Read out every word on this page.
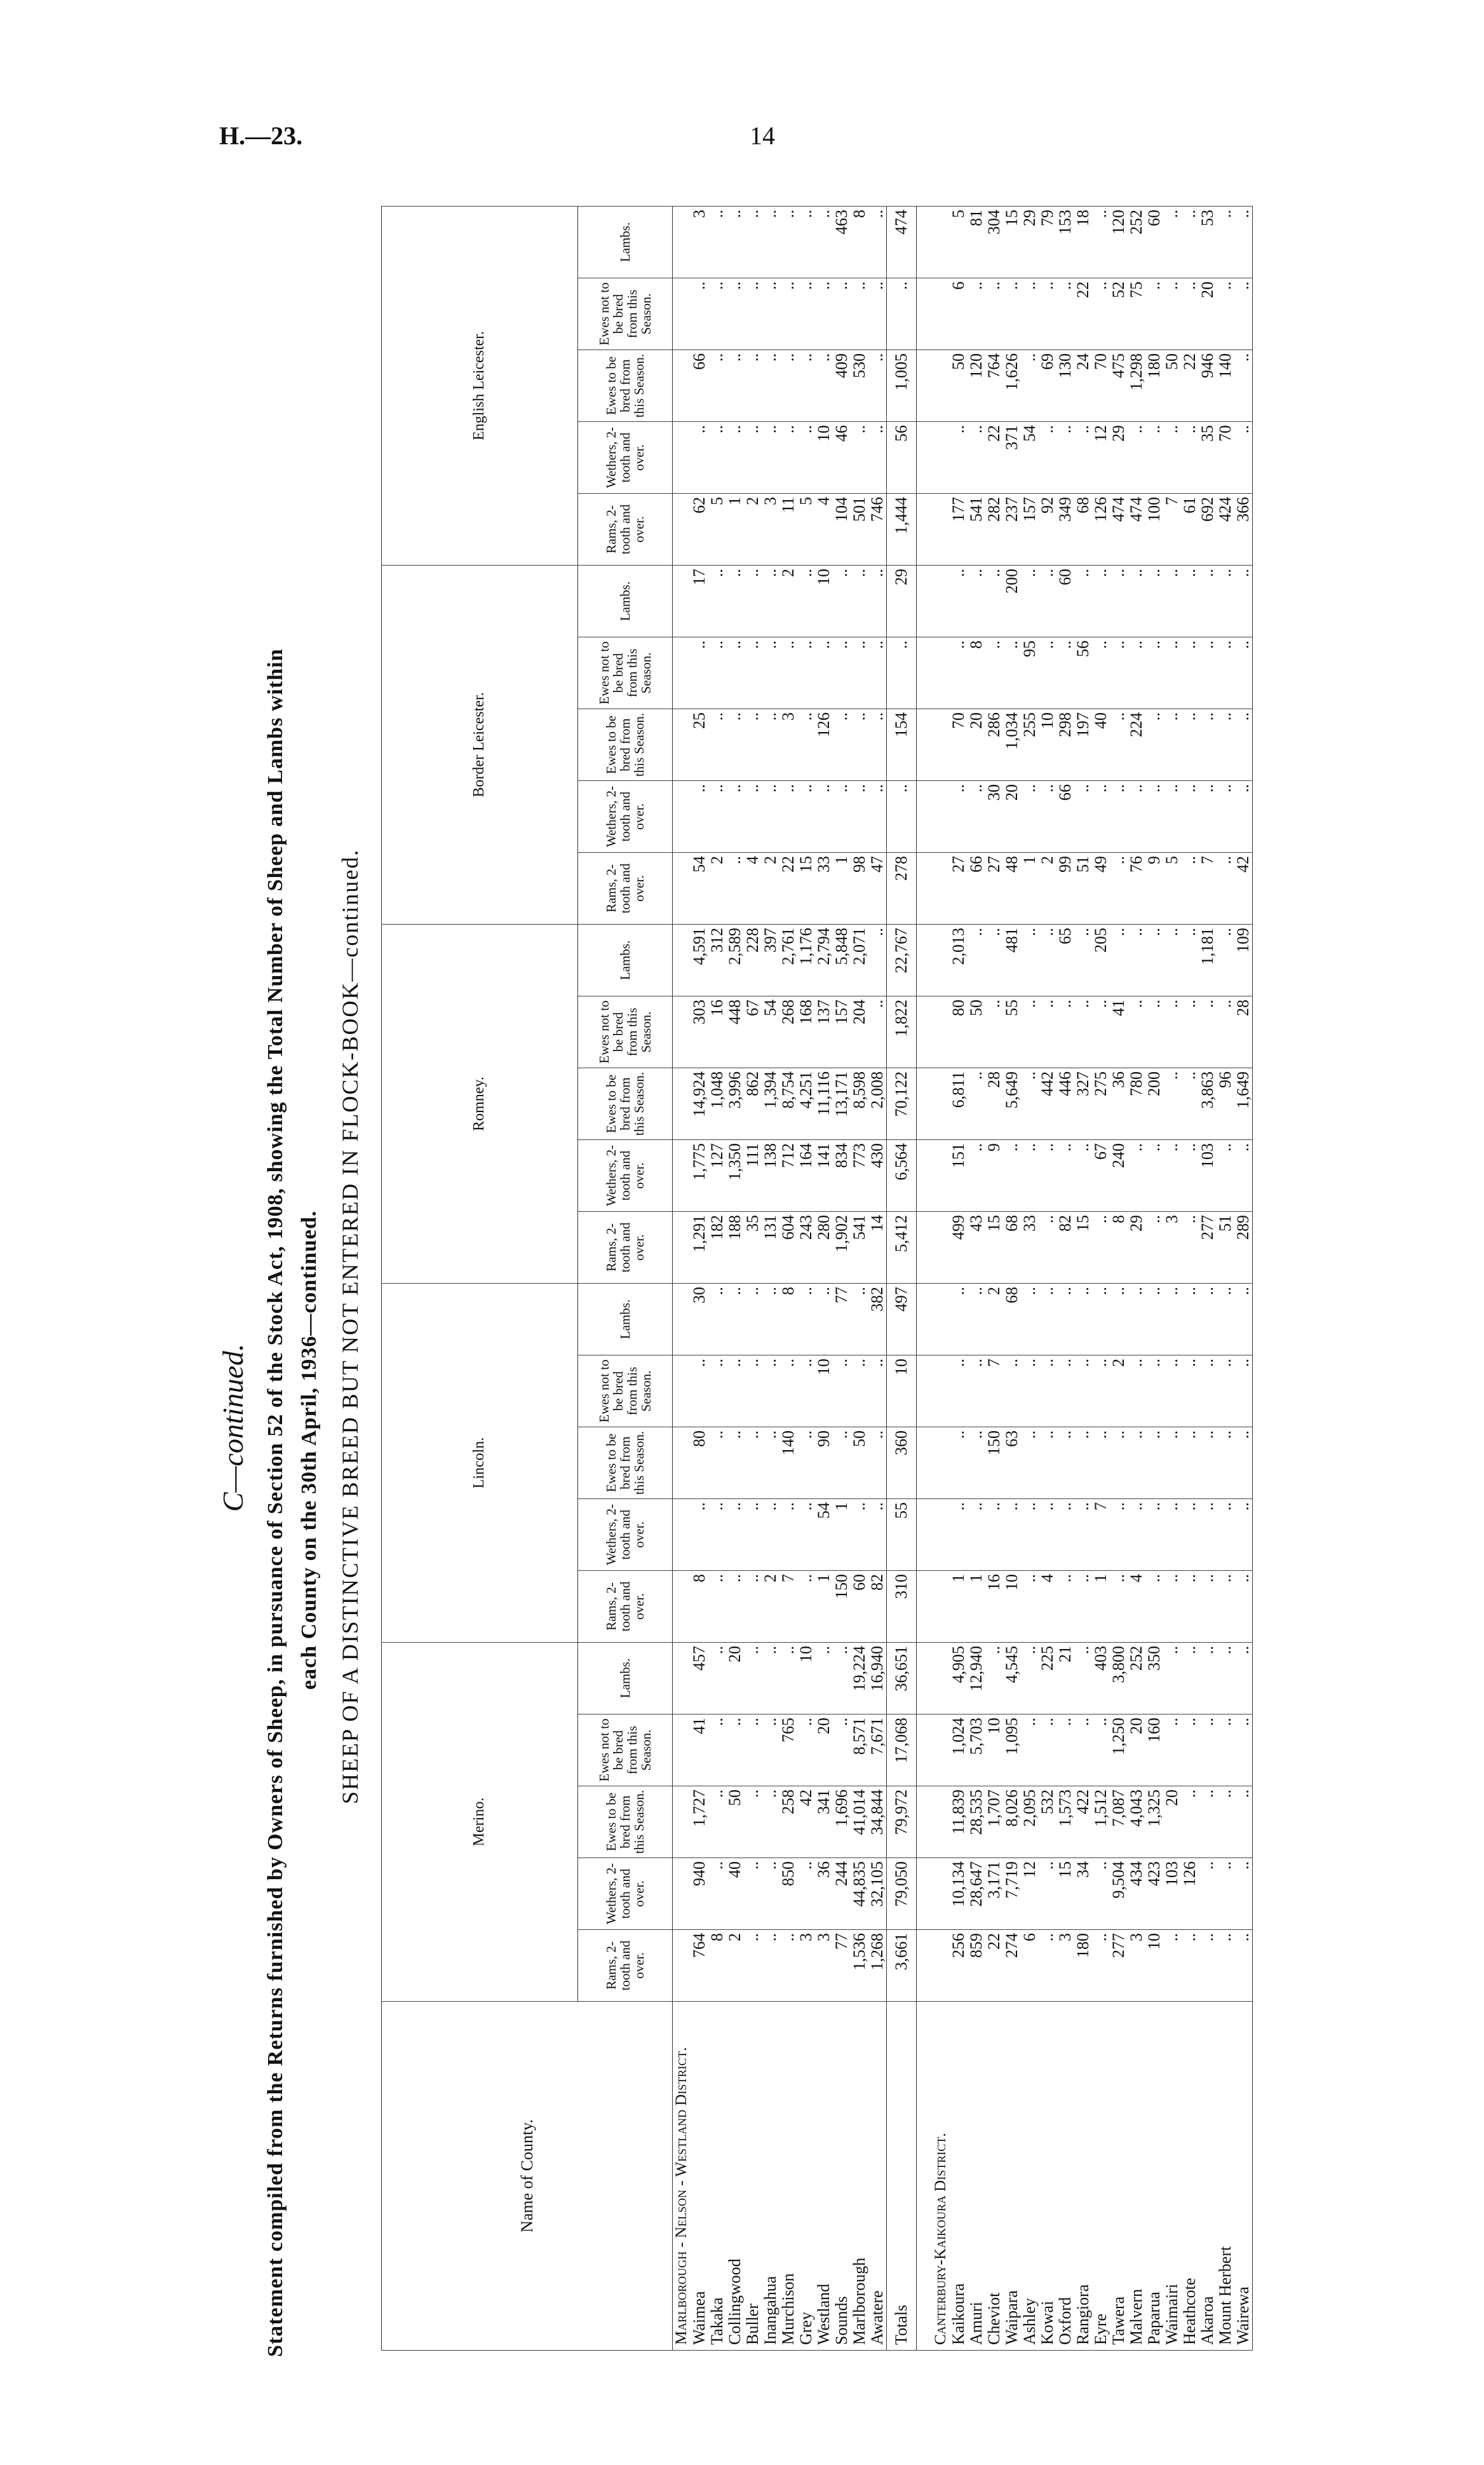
H.—23.	14
C—continued. Statement compiled from the Returns furnished by Owners of Sheep, in pursuance of Section 52 of the Stock Act, 1908, showing the Total Number of Sheep and Lambs within each County on the 30th April, 1936—continued. SHEEP OF A DISTINCTIVE BREED BUT NOT ENTERED IN FLOCK-BOOK—continued.
Name of County.	Merino.					Lincoln.					Romney.					Border Leicester.					English Leicester.				
	Rams, 2-tooth and over.	Wethers, 2-tooth and over.	Ewes to be bred from this Season.	Ewes not to be bred from this Season.	Lambs.	Rams, 2-tooth and over.	Wethers, 2-tooth and over.	Ewes to be bred from this Season.	Ewes not to be bred from this Season.	Lambs.	Rams, 2-tooth and over.	Wethers, 2-tooth and over.	Ewes to be bred from this Season.	Ewes not to be bred from this Season.	Lambs.	Rams, 2-tooth and over.	Wethers, 2-tooth and over.	Ewes to be bred from this Season.	Ewes not to be bred from this Season.	Lambs.	Rams, 2-tooth and over.	Wethers, 2-tooth and over.	Ewes to be bred from this Season.	Ewes not to be bred from this Season.	Lambs.
Marlborough - Nelson - Westland District.																									
Waimea	764	940	1,727	41	457	8	..	80	..	30	1,291	1,775	14,924	303	4,591	54	..	25	..	17	62	..	66	..	3
Takaka	8	..	..	..	..	..	..	..	..	..	182	127	1,048	16	312	2	..	..	..	..	5	..	..	..	..
Collingwood	2	40	50	..	20	..	..	..	..	..	188	1,350	3,996	448	2,589	..	..	..	..	..	1	..	..	..	..
Buller	..	..	..	..	..	..	..	..	..	..	35	111	862	67	228	4	..	..	..	..	2	..	..	..	..
Inangahua	..	..	..	..	..	2	..	..	..	..	131	138	1,394	54	397	2	..	..	..	..	3	..	..	..	..
Murchison	..	850	258	765	..	7	..	140	..	8	604	712	8,754	268	2,761	22	..	3	..	2	11	..	..	..	..
Grey	3	..	42	..	10	..	..	..	..	..	243	164	4,251	168	1,176	15	..	..	..	..	5	..	..	..	..
Westland	3	36	341	20	..	1	54	90	10	..	280	141	11,116	137	2,794	33	..	126	..	10	4	10	..	..	..
Sounds	77	244	1,696	..	..	150	1	..	..	77	1,902	834	13,171	157	5,848	1	..	..	..	..	104	46	409	..	463
Marlborough	1,536	44,835	41,014	8,571	19,224	60	..	50	..	..	541	773	8,598	204	2,071	98	..	..	..	..	501	..	530	..	8
Awatere	1,268	32,105	34,844	7,671	16,940	82	..	..	..	382	14	430	2,008	..	..	47	..	..	..	..	746	..	..	..	..
Totals	3,661	79,050	79,972	17,068	36,651	310	55	360	10	497	5,412	6,564	70,122	1,822	22,767	278	..	154	..	29	1,444	56	1,005	..	474

Canterbury-Kaikoura District.																									
Kaikoura	256	10,134	11,839	1,024	4,905	1	..	..	..	..	499	151	6,811	80	2,013	27	..	70	..	..	177	..	50	6	5
Amuri	859	28,647	28,535	5,703	12,940	1	..	..	..	..	43	..	..	50	..	66	..	20	8	..	541	..	120	..	81
Cheviot	22	3,171	1,707	10	..	16	..	150	7	2	15	9	28	..	..	27	30	286	..	..	282	22	764	..	304
Waipara	274	7,719	8,026	1,095	4,545	10	..	63	..	68	68	..	5,649	55	481	48	20	1,034	..	200	237	371	1,626	..	15
Ashley	6	12	2,095	..	..	..	..	..	..	..	33	..	..	..	..	1	..	255	95	..	157	54	..	..	29
Kowai	..	..	532	..	225	4	..	..	..	..	..	..	442	..	..	2	..	10	..	..	92	..	69	..	79
Oxford	3	15	1,573	..	21	..	..	..	..	..	82	..	446	..	65	99	66	298	..	60	349	..	130	..	153
Rangiora	180	34	422	..	..	..	..	..	..	..	15	..	327	..	..	51	..	197	56	..	68	..	24	22	18
Eyre	..	..	1,512	..	403	1	7	..	..	..	..	67	275	..	205	49	..	40	..	..	126	12	70	..	..
Tawera	277	9,504	7,087	1,250	3,800	..	..	..	2	..	8	240	36	41	..	..	..	..	..	..	474	29	475	52	120
Malvern	3	434	4,043	20	252	4	..	..	..	..	29	..	780	..	..	76	..	224	..	..	474	..	1,298	75	252
Paparua	10	423	1,325	160	350	..	..	..	..	..	..	..	200	..	..	9	..	..	..	..	100	..	180	..	60
Waimairi	..	103	20	..	..	..	..	..	..	..	3	..	..	..	..	5	..	..	..	..	7	..	50	..	..
Heathcote	..	126	..	..	..	..	..	..	..	..	..	..	..	..	..	..	..	..	..	..	61	..	22	..	..
Akaroa	..	..	..	..	..	..	..	..	..	..	277	103	3,863	..	1,181	7	..	..	..	..	692	35	946	20	53
Mount Herbert	..	..	..	..	..	..	..	..	..	..	51	..	96	..	..	..	..	..	..	..	424	70	140	..	..
Wairewa	..	..	..	..	..	..	..	..	..	..	289	..	1,649	28	109	42	..	..	..	..	366	..	..	..	..
